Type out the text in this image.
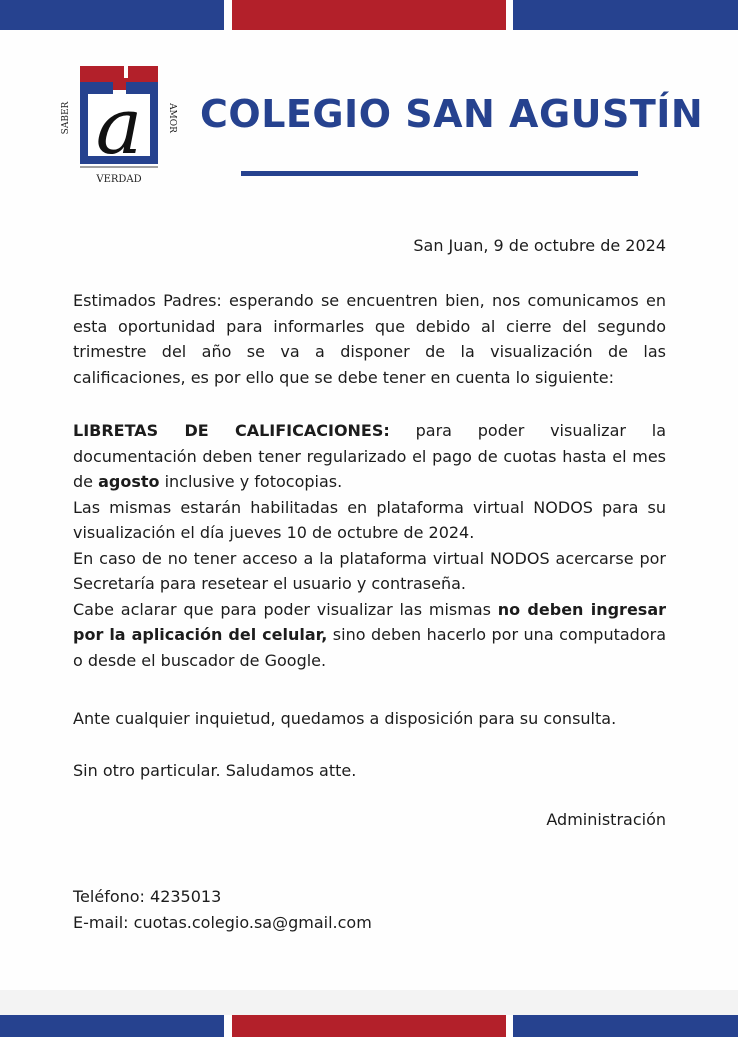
a
SABER	AMOR
VERDAD
COLEGIO SAN AGUSTÍN
San Juan, 9 de octubre de 2024

Estimados Padres: esperando se encuentren bien, nos comunicamos en esta oportunidad para informarles que debido al cierre del segundo trimestre del año se va a disponer de la visualización de las calificaciones, es por ello que se debe tener en cuenta lo siguiente:

LIBRETAS DE CALIFICACIONES: para poder visualizar la documentación deben tener regularizado el pago de cuotas hasta el mes de agosto inclusive y fotocopias.
Las mismas estarán habilitadas en plataforma virtual NODOS para su visualización el día jueves 10 de octubre de 2024.
En caso de no tener acceso a la plataforma virtual NODOS acercarse por Secretaría para resetear el usuario y contraseña.
Cabe aclarar que para poder visualizar las mismas no deben ingresar por la aplicación del celular, sino deben hacerlo por una computadora o desde el buscador de Google.

Ante cualquier inquietud, quedamos a disposición para su consulta.

Sin otro particular. Saludamos atte.

Administración
Teléfono: 4235013
E-mail: cuotas.colegio.sa@gmail.com
